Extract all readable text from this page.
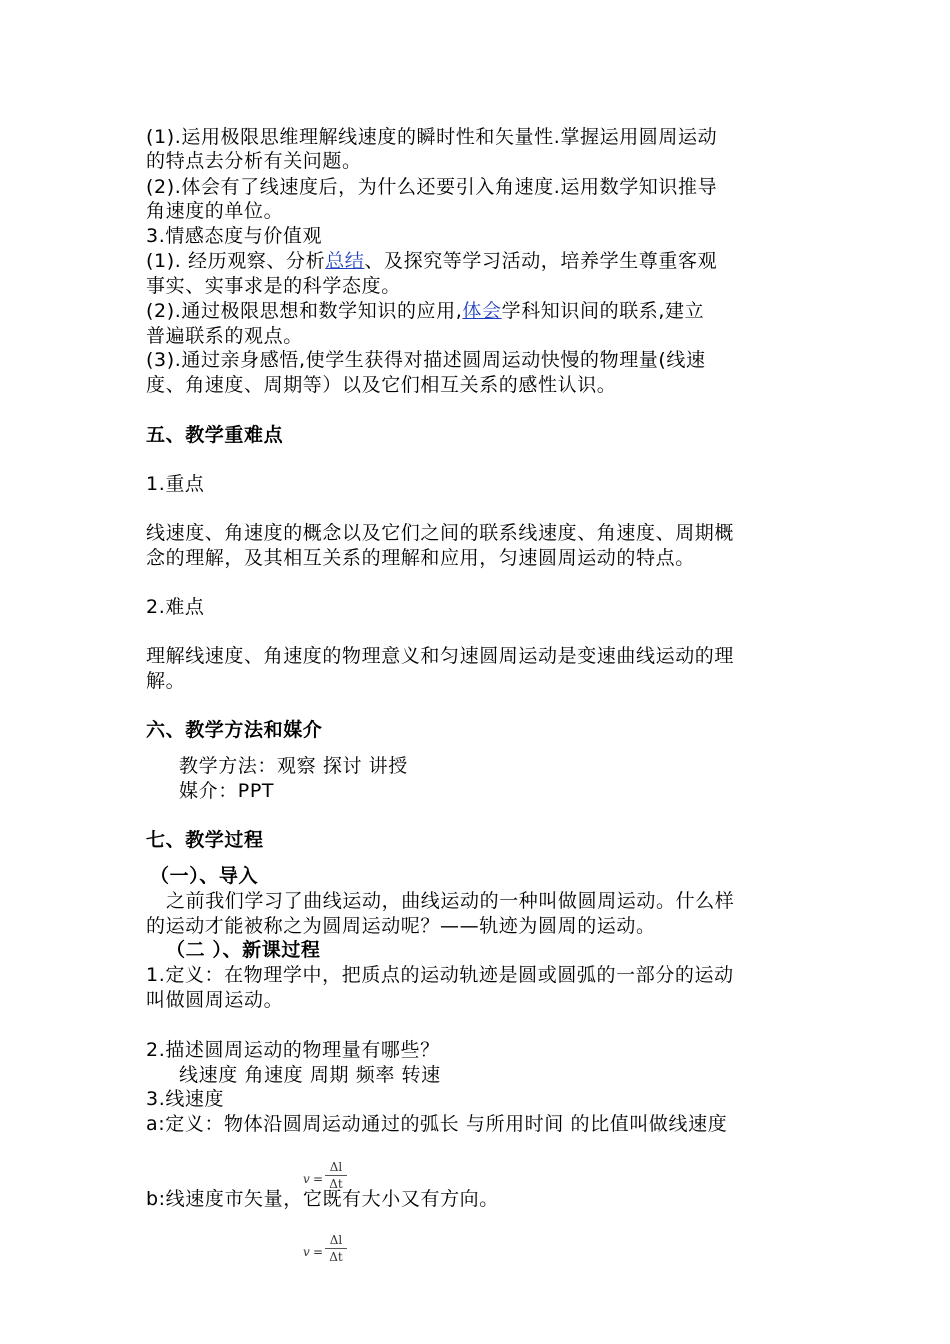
(1).运用极限思维理解线速度的瞬时性和矢量性.掌握运用圆周运动
的特点去分析有关问题。
(2).体会有了线速度后，为什么还要引入角速度.运用数学知识推导
角速度的单位。
3.情感态度与价值观
(1). 经历观察、分析总结、及探究等学习活动，培养学生尊重客观
事实、实事求是的科学态度。
(2).通过极限思想和数学知识的应用,体会学科知识间的联系,建立
普遍联系的观点。
(3).通过亲身感悟,使学生获得对描述圆周运动快慢的物理量(线速
度、角速度、周期等）以及它们相互关系的感性认识。
五、教学重难点
1.重点
线速度、角速度的概念以及它们之间的联系线速度、角速度、周期概
念的理解，及其相互关系的理解和应用，匀速圆周运动的特点。
2.难点
理解线速度、角速度的物理意义和匀速圆周运动是变速曲线运动的理
解。
六、教学方法和媒介
教学方法：观察 探讨 讲授
媒介：PPT
七、教学过程
（一）、导入
之前我们学习了曲线运动，曲线运动的一种叫做圆周运动。什么样
的运动才能被称之为圆周运动呢？——轨迹为圆周的运动。
（二 ）、新课过程
1.定义：在物理学中，把质点的运动轨迹是圆或圆弧的一部分的运动
叫做圆周运动。
2.描述圆周运动的物理量有哪些？
线速度 角速度 周期 频率 转速
3.线速度
a:定义：物体沿圆周运动通过的弧长 与所用时间 的比值叫做线速度
v =
Δl
Δt
b:线速度市矢量，它既有大小又有方向。
v =
Δl
Δt
